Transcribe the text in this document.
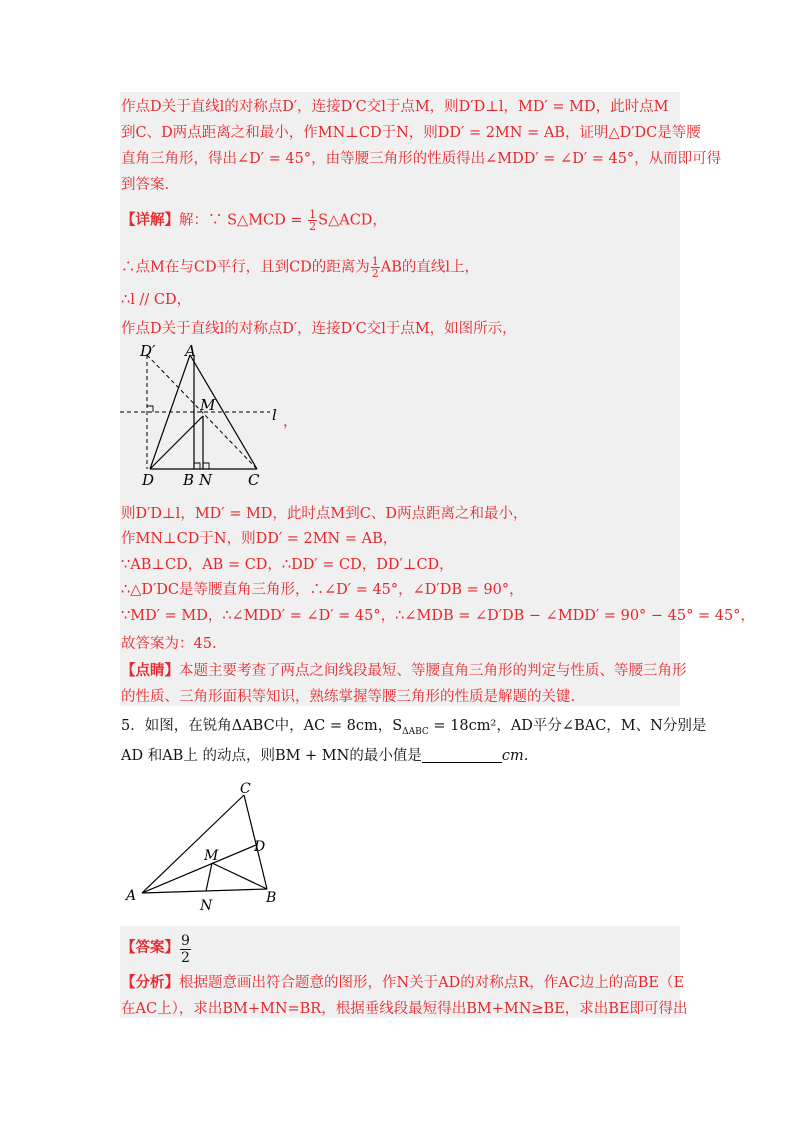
作点D关于直线l的对称点D′，连接D′C交l于点M，则D′D⊥l，MD′ = MD，此时点M
到C、D两点距离之和最小，作MN⊥CD于N，则DD′ = 2MN = AB，证明△D′DC是等腰
直角三角形，得出∠D′ = 45°，由等腰三角形的性质得出∠MDD′ = ∠D′ = 45°，从而即可得
到答案.
【详解】解：∵ S△MCD = $\frac{1}{2}$ S△ACD，
∴点M在与CD平行，且到CD的距离为 $\frac{1}{2}$ AB的直线l上，
∴l // CD，
作点D关于直线l的对称点D′，连接D′C交l于点M，如图所示，
D′ A
M
l
D B N C
，
则D′D⊥l，MD′ = MD，此时点M到C、D两点距离之和最小，
作MN⊥CD于N，则DD′ = 2MN = AB，
∵AB⊥CD，AB = CD，∴DD′ = CD，DD′⊥CD，
∴△D′DC是等腰直角三角形，∴∠D′ = 45°，∠D′DB = 90°，
∵MD′ = MD，∴∠MDD′ = ∠D′ = 45°，∴∠MDB = ∠D′DB − ∠MDD′ = 90° − 45° = 45°，
故答案为：45.
【点睛】本题主要考查了两点之间线段最短、等腰直角三角形的判定与性质、等腰三角形
的性质、三角形面积等知识，熟练掌握等腰三角形的性质是解题的关键.
5．如图，在锐角ΔABC中，AC = 8cm，$S_{\Delta ABC} = 18cm^2$，AD平分∠BAC，M、N分别是
AD 和AB上 的动点，则BM + MN的最小值是	cm.
C
D
M
A
N	B
【答案】 $\frac{9}{2}$
【分析】根据题意画出符合题意的图形，作N关于AD的对称点R，作AC边上的高BE（E
在AC上），求出BM+MN=BR，根据垂线段最短得出BM+MN≥BE，求出BE即可得出
